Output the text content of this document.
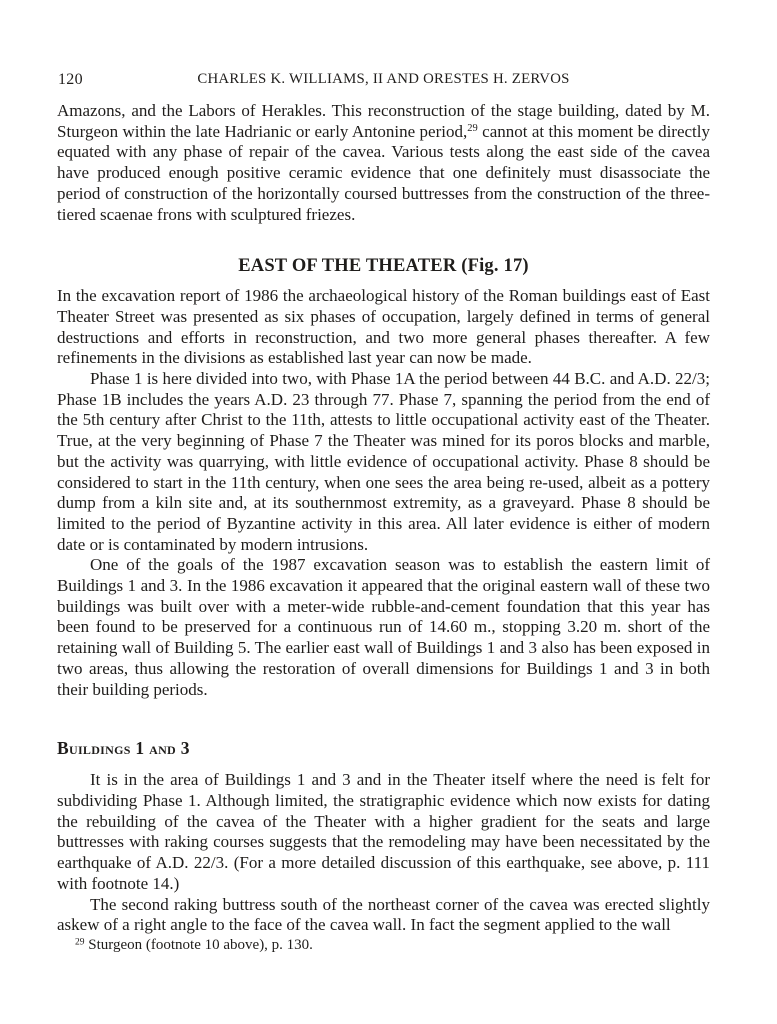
120	CHARLES K. WILLIAMS, II AND ORESTES H. ZERVOS

Amazons, and the Labors of Herakles. This reconstruction of the stage building, dated by M. Sturgeon within the late Hadrianic or early Antonine period,$^{29}$ cannot at this moment be directly equated with any phase of repair of the cavea. Various tests along the east side of the cavea have produced enough positive ceramic evidence that one definitely must disassociate the period of construction of the horizontally coursed buttresses from the construction of the three-tiered scaenae frons with sculptured friezes.

EAST OF THE THEATER (Fig. 17)

In the excavation report of 1986 the archaeological history of the Roman buildings east of East Theater Street was presented as six phases of occupation, largely defined in terms of general destructions and efforts in reconstruction, and two more general phases thereafter. A few refinements in the divisions as established last year can now be made.

Phase 1 is here divided into two, with Phase 1A the period between 44 B.C. and A.D. 22/3; Phase 1B includes the years A.D. 23 through 77. Phase 7, spanning the period from the end of the 5th century after Christ to the 11th, attests to little occupational activity east of the Theater. True, at the very beginning of Phase 7 the Theater was mined for its poros blocks and marble, but the activity was quarrying, with little evidence of occupational activity. Phase 8 should be considered to start in the 11th century, when one sees the area being re-used, albeit as a pottery dump from a kiln site and, at its southernmost extremity, as a graveyard. Phase 8 should be limited to the period of Byzantine activity in this area. All later evidence is either of modern date or is contaminated by modern intrusions.

One of the goals of the 1987 excavation season was to establish the eastern limit of Buildings 1 and 3. In the 1986 excavation it appeared that the original eastern wall of these two buildings was built over with a meter-wide rubble-and-cement foundation that this year has been found to be preserved for a continuous run of 14.60 m., stopping 3.20 m. short of the retaining wall of Building 5. The earlier east wall of Buildings 1 and 3 also has been exposed in two areas, thus allowing the restoration of overall dimensions for Buildings 1 and 3 in both their building periods.

Buildings 1 and 3

It is in the area of Buildings 1 and 3 and in the Theater itself where the need is felt for subdividing Phase 1. Although limited, the stratigraphic evidence which now exists for dating the rebuilding of the cavea of the Theater with a higher gradient for the seats and large buttresses with raking courses suggests that the remodeling may have been necessitated by the earthquake of A.D. 22/3. (For a more detailed discussion of this earthquake, see above, p. 111 with footnote 14.)

The second raking buttress south of the northeast corner of the cavea was erected slightly askew of a right angle to the face of the cavea wall. In fact the segment applied to the wall

$^{29}$ Sturgeon (footnote 10 above), p. 130.
